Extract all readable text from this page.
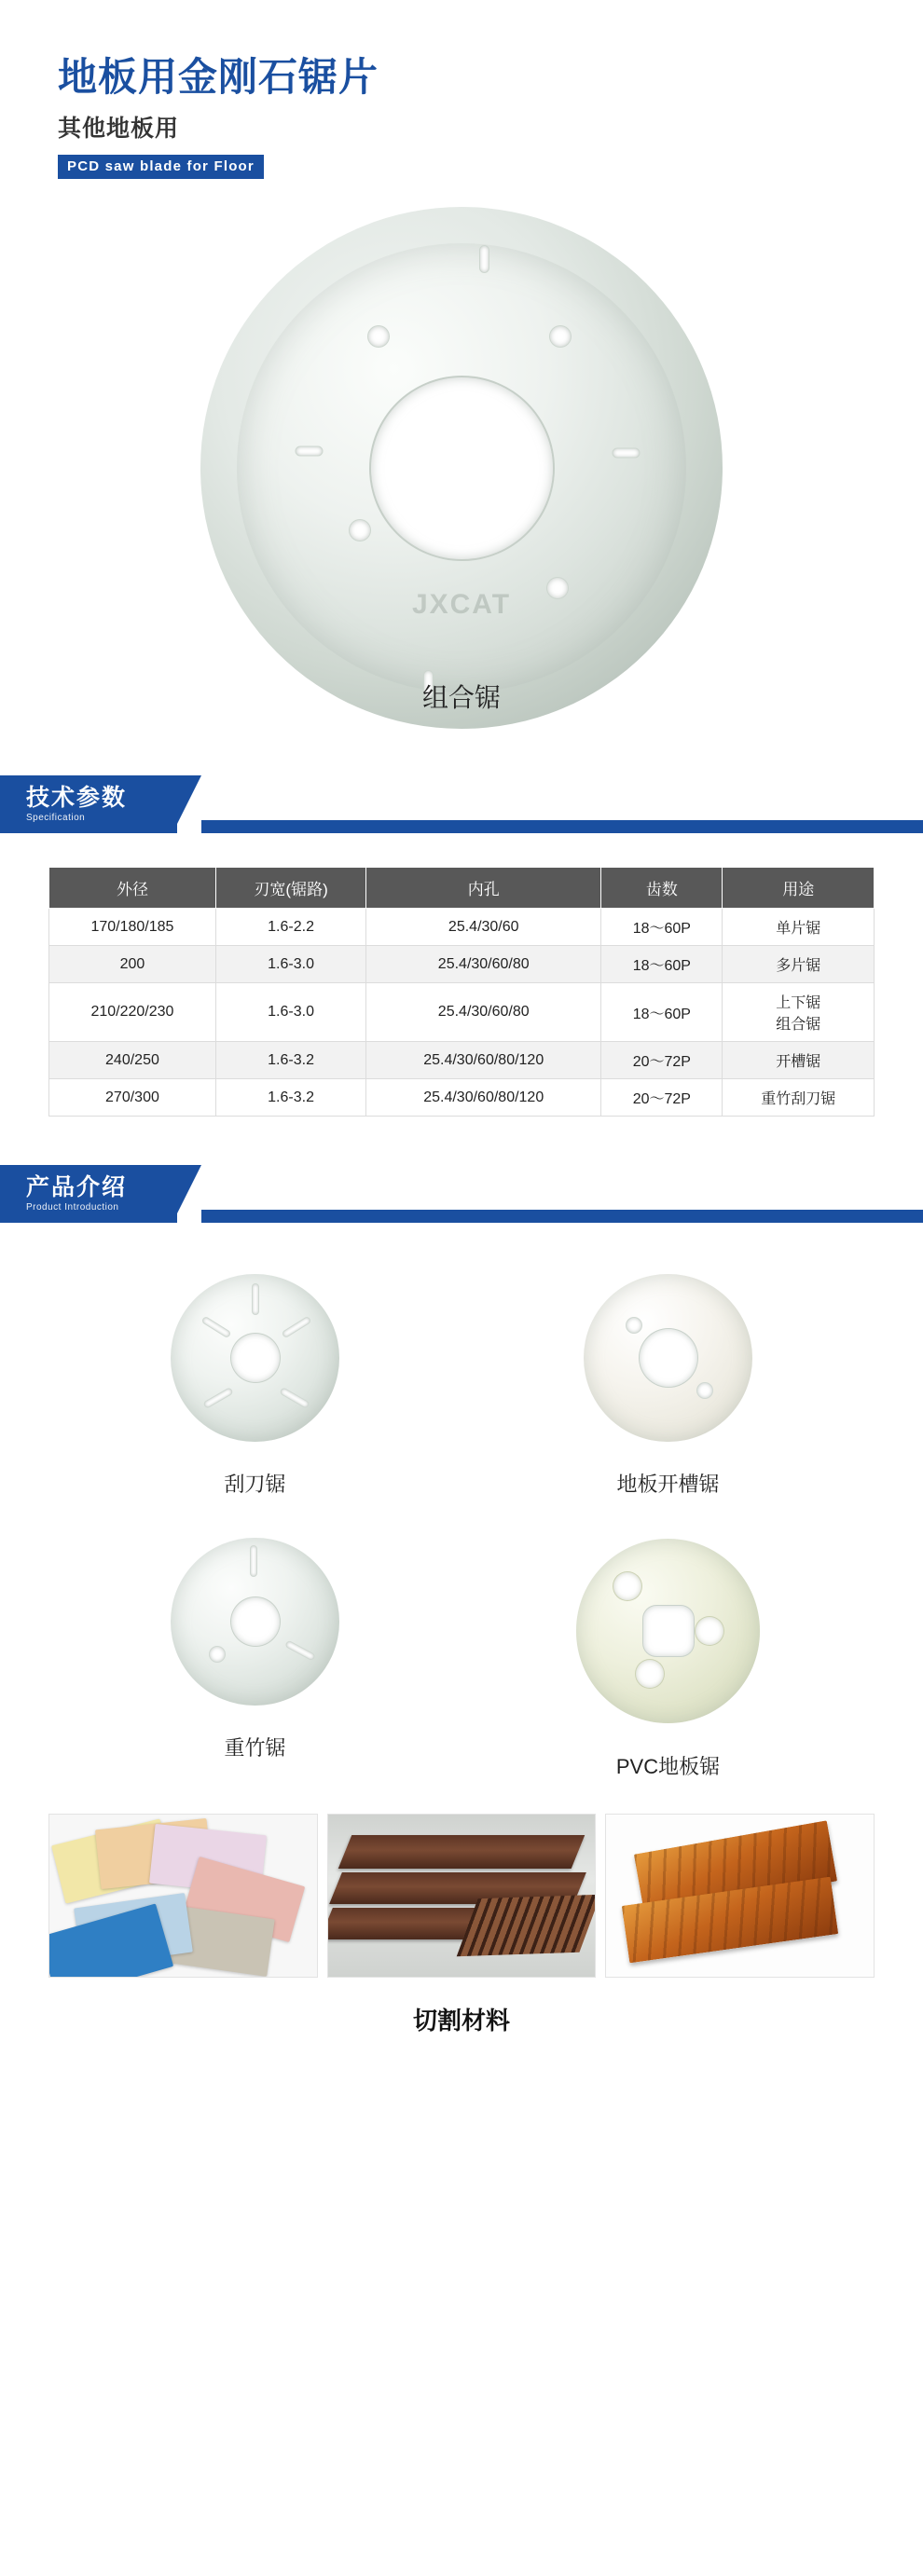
地板用金刚石锯片
其他地板用
PCD saw blade for Floor
JXCAT
组合锯
技术参数
Specification
外径	刃宽(锯路)	内孔	齿数	用途
170/180/185	1.6-2.2	25.4/30/60	18～60P	单片锯
200	1.6-3.0	25.4/30/60/80	18～60P	多片锯
210/220/230	1.6-3.0	25.4/30/60/80	18～60P	上下锯
组合锯

240/250	1.6-3.2	25.4/30/60/80/120	20～72P	开槽锯
270/300	1.6-3.2	25.4/30/60/80/120	20～72P	重竹刮刀锯
产品介绍
Product Introduction
刮刀锯	地板开槽锯
重竹锯
PVC地板锯
切割材料
